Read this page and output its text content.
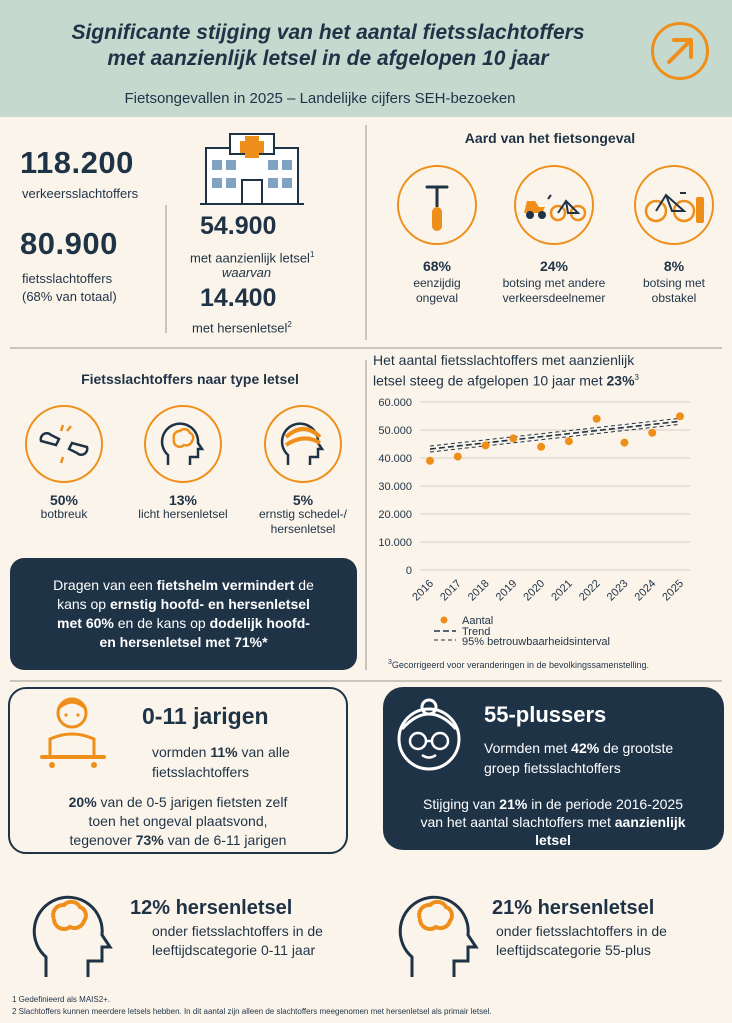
Significante stijging van het aantal fietsslachtoffers
met aanzienlijk letsel in de afgelopen 10 jaar
Fietsongevallen in 2025 – Landelijke cijfers SEH-bezoeken
118.200
verkeersslachtoffers
80.900
fietsslachtoffers
(68% van totaal)
54.900
met aanzienlijk letsel$^1$
waarvan
14.400
met hersenletsel$^2$
Aard van het fietsongeval
68%
eenzijdig
ongeval
24%
botsing met andere
verkeersdeelnemer
8%
botsing met
obstakel
Fietsslachtoffers naar type letsel
50%
botbreuk
13%
licht hersenletsel
5%
ernstig schedel-/
hersenletsel
Dragen van een fietshelm vermindert de
kans op ernstig hoofd- en hersenletsel
met 60% en de kans op dodelijk hoofd-
en hersenletsel met 71%*
Het aantal fietsslachtoffers met aanzienlijk
letsel steeg de afgelopen 10 jaar met 23%$^3$
60.000
50.000
40.000
30.000
20.000
10.000
0
2016 2017 2018 2019 2020 2021 2022 2023 2024 2025
Aantal
Trend
95% betrouwbaarheidsinterval
$^3$Gecorrigeerd voor veranderingen in de bevolkingssamenstelling.
0-11 jarigen
vormden 11% van alle
fietsslachtoffers
20% van de 0-5 jarigen fietsten zelf
toen het ongeval plaatsvond,
tegenover 73% van de 6-11 jarigen
55-plussers
Vormden met 42% de grootste
groep fietsslachtoffers
Stijging van 21% in de periode 2016-2025
van het aantal slachtoffers met aanzienlijk
letsel
12% hersenletsel
onder fietsslachtoffers in de
leeftijdscategorie 0-11 jaar
21% hersenletsel
onder fietsslachtoffers in de
leeftijdscategorie 55-plus
1 Gedefinieerd als MAIS2+.
2 Slachtoffers kunnen meerdere letsels hebben. In dit aantal zijn alleen de slachtoffers meegenomen met hersenletsel als primair letsel.
